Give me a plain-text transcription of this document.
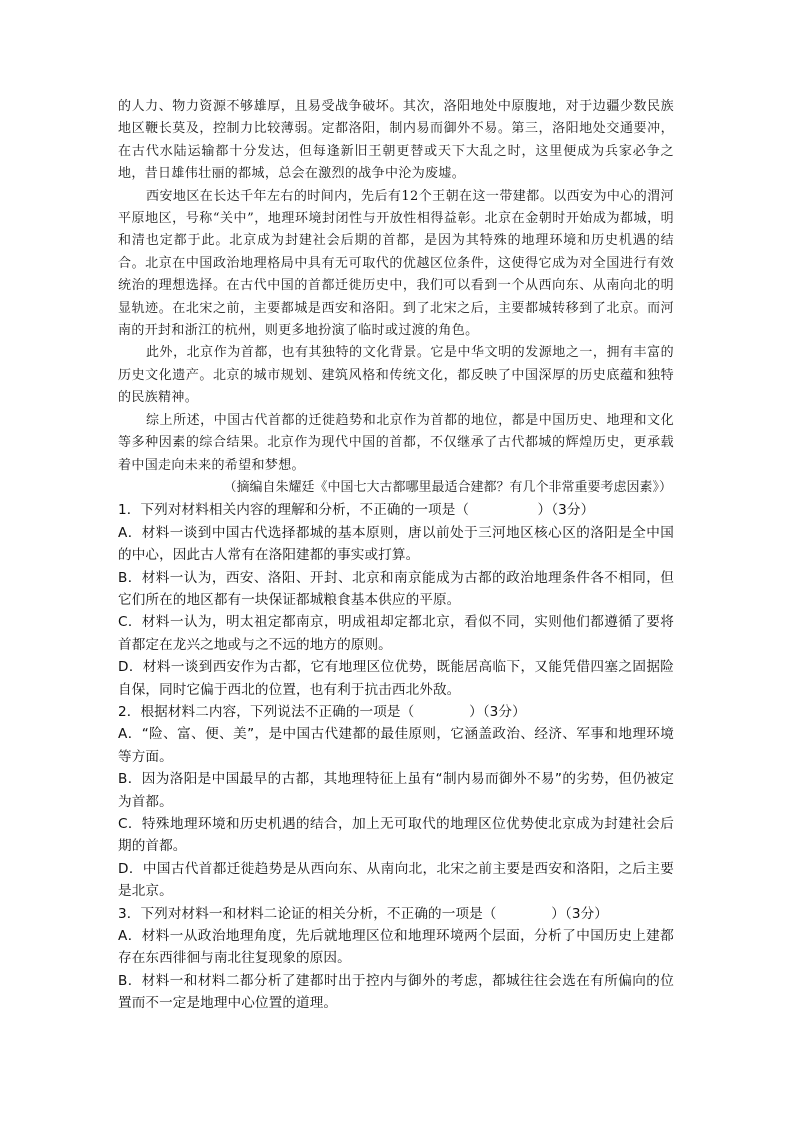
的人力、物力资源不够雄厚，且易受战争破坏。其次，洛阳地处中原腹地，对于边疆少数民族地区鞭长莫及，控制力比较薄弱。定都洛阳，制内易而御外不易。第三，洛阳地处交通要冲，在古代水陆运输都十分发达，但每逢新旧王朝更替或天下大乱之时，这里便成为兵家必争之地，昔日雄伟壮丽的都城，总会在激烈的战争中沦为废墟。

西安地区在长达千年左右的时间内，先后有12个王朝在这一带建都。以西安为中心的渭河平原地区，号称“关中”，地理环境封闭性与开放性相得益彰。北京在金朝时开始成为都城，明和清也定都于此。北京成为封建社会后期的首都，是因为其特殊的地理环境和历史机遇的结合。北京在中国政治地理格局中具有无可取代的优越区位条件，这使得它成为对全国进行有效统治的理想选择。在古代中国的首都迁徙历史中，我们可以看到一个从西向东、从南向北的明显轨迹。在北宋之前，主要都城是西安和洛阳。到了北宋之后，主要都城转移到了北京。而河南的开封和浙江的杭州，则更多地扮演了临时或过渡的角色。

此外，北京作为首都，也有其独特的文化背景。它是中华文明的发源地之一，拥有丰富的历史文化遗产。北京的城市规划、建筑风格和传统文化，都反映了中国深厚的历史底蕴和独特的民族精神。

综上所述，中国古代首都的迁徙趋势和北京作为首都的地位，都是中国历史、地理和文化等多种因素的综合结果。北京作为现代中国的首都，不仅继承了古代都城的辉煌历史，更承载着中国走向未来的希望和梦想。

（摘编自朱耀廷《中国七大古都哪里最适合建都？有几个非常重要考虑因素》）

1．下列对材料相关内容的理解和分析，不正确的一项是（　　　　　）（3分）

A．材料一谈到中国古代选择都城的基本原则，唐以前处于三河地区核心区的洛阳是全中国的中心，因此古人常有在洛阳建都的事实或打算。

B．材料一认为，西安、洛阳、开封、北京和南京能成为古都的政治地理条件各不相同，但它们所在的地区都有一块保证都城粮食基本供应的平原。

C．材料一认为，明太祖定都南京，明成祖却定都北京，看似不同，实则他们都遵循了要将首都定在龙兴之地或与之不远的地方的原则。

D．材料一谈到西安作为古都，它有地理区位优势，既能居高临下，又能凭借四塞之固据险自保，同时它偏于西北的位置，也有利于抗击西北外敌。

2．根据材料二内容，下列说法不正确的一项是（　　　　）（3分）

A．“险、富、便、美”，是中国古代建都的最佳原则，它涵盖政治、经济、军事和地理环境等方面。

B．因为洛阳是中国最早的古都，其地理特征上虽有“制内易而御外不易”的劣势，但仍被定为首都。

C．特殊地理环境和历史机遇的结合，加上无可取代的地理区位优势使北京成为封建社会后期的首都。

D．中国古代首都迁徙趋势是从西向东、从南向北，北宋之前主要是西安和洛阳，之后主要是北京。

3．下列对材料一和材料二论证的相关分析，不正确的一项是（　　　　）（3分）

A．材料一从政治地理角度，先后就地理区位和地理环境两个层面，分析了中国历史上建都存在东西徘徊与南北往复现象的原因。

B．材料一和材料二都分析了建都时出于控内与御外的考虑，都城往往会选在有所偏向的位置而不一定是地理中心位置的道理。
